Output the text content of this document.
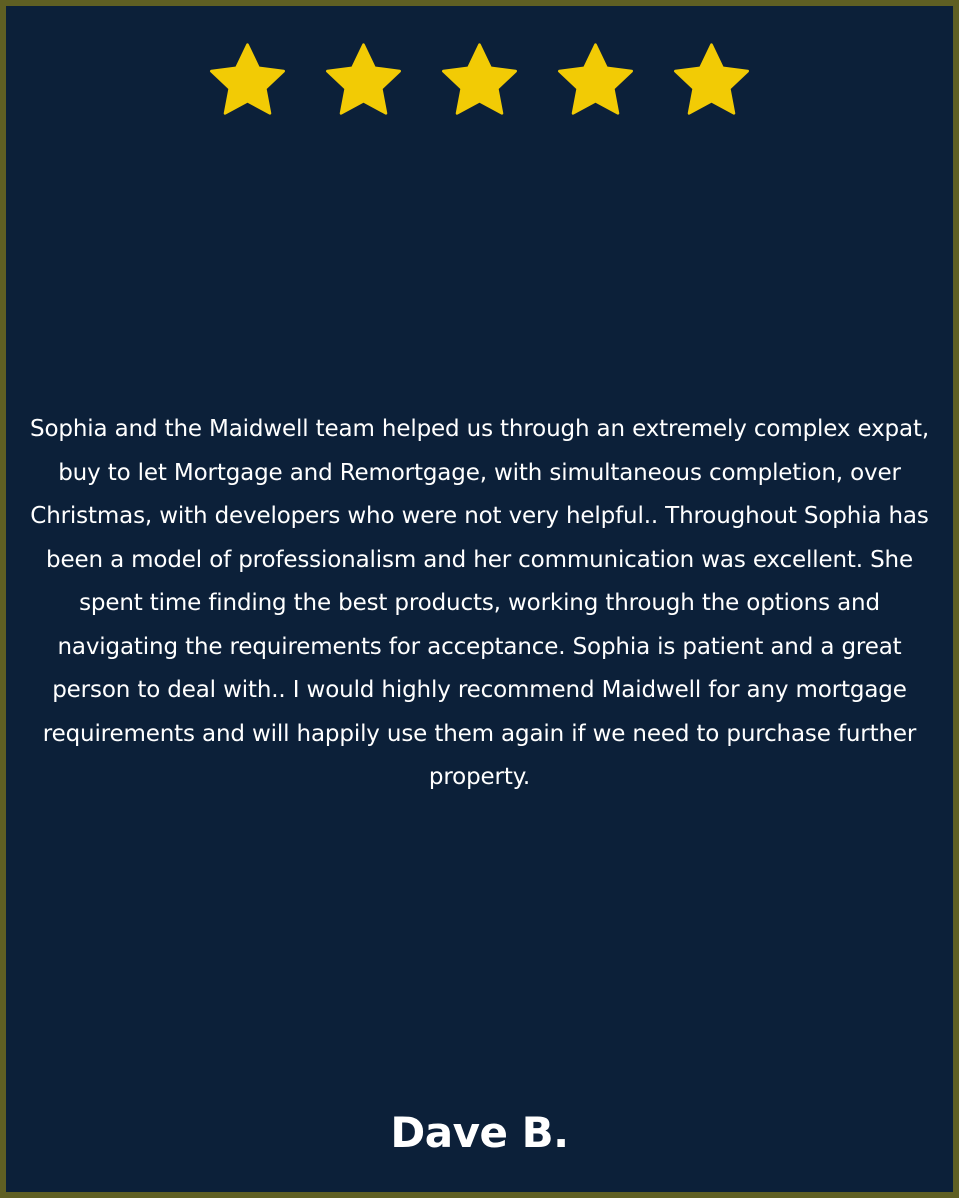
Sophia and the Maidwell team helped us through an extremely complex expat, buy to let Mortgage and Remortgage, with simultaneous completion, over Christmas, with developers who were not very helpful.. Throughout Sophia has been a model of professionalism and her communication was excellent. She spent time finding the best products, working through the options and navigating the requirements for acceptance. Sophia is patient and a great person to deal with.. I would highly recommend Maidwell for any mortgage requirements and will happily use them again if we need to purchase further property.

Dave B.
